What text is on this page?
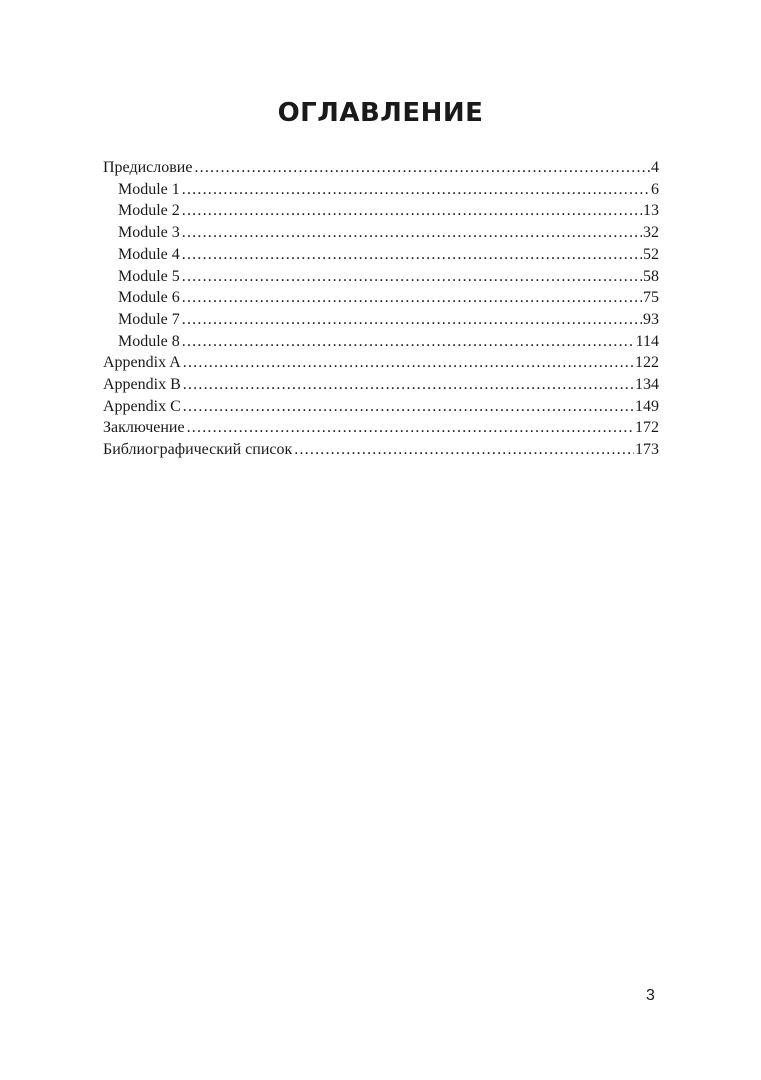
ОГЛАВЛЕНИЕ
Предисловие .....	4
Module 1 .....	6
Module 2 .....	13
Module 3 .....	32
Module 4 .....	52
Module 5 .....	58
Module 6 .....	75
Module 7 .....	93
Module 8 .....	114
Appendix A .....	122
Appendix B .....	134
Appendix C .....	149
Заключение .....	172
Библиографический список .....	173
3
